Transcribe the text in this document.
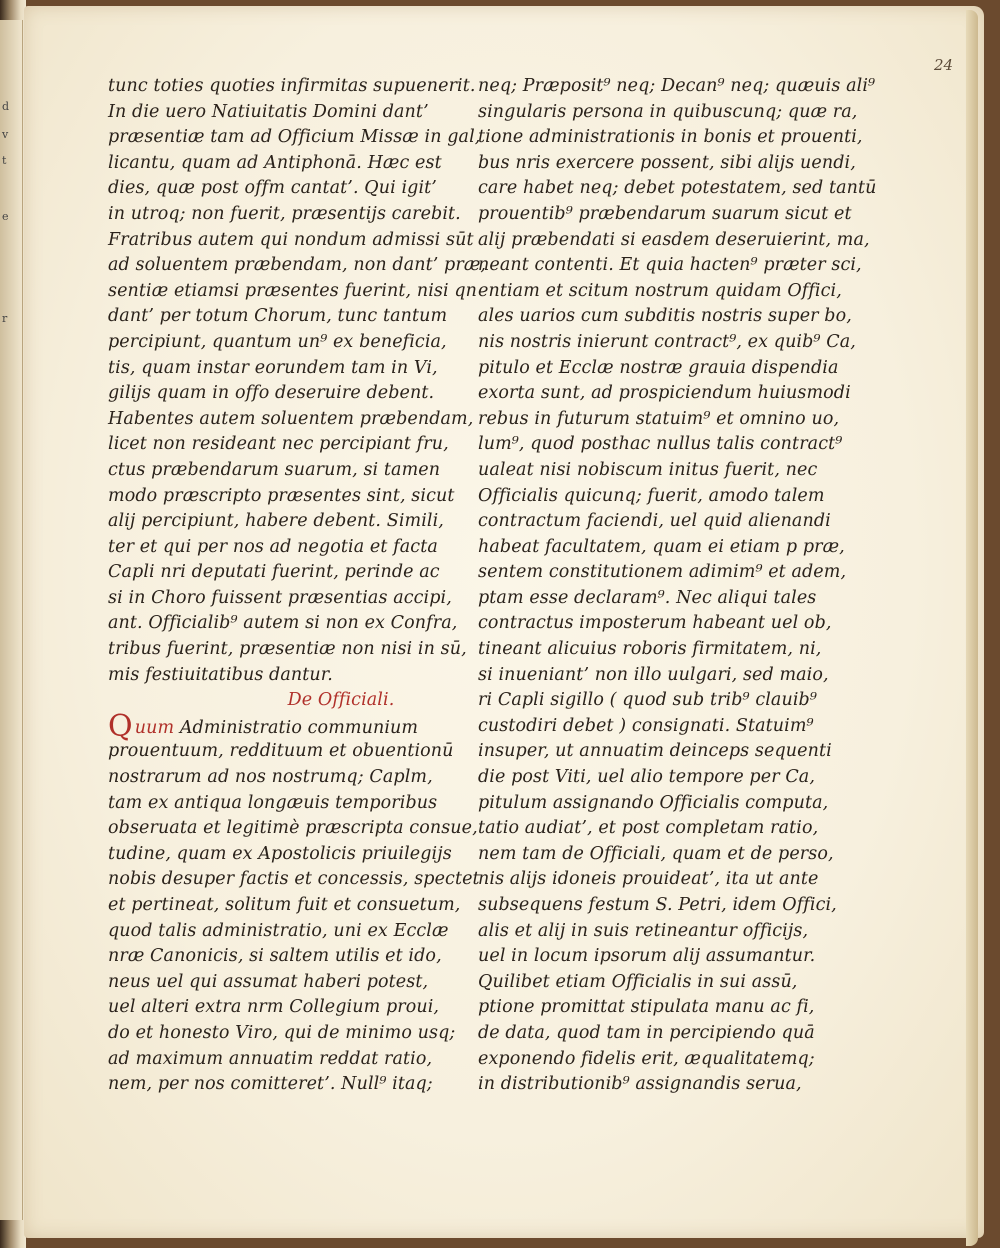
d
v
t
e
r
24
tunc toties quoties infirmitas supuenerit.
In die uero Natiuitatis Domini dant’
præsentiæ tam ad Officium Missæ in gal,
licantu, quam ad Antiphonā. Hæc est
dies, quæ post offm cantat’. Qui igit’
in utroq; non fuerit, præsentijs carebit.
Fratribus autem qui nondum admissi sūt
ad soluentem præbendam, non dant’ præ,
sentiæ etiamsi præsentes fuerint, nisi qn
dant’ per totum Chorum, tunc tantum
percipiunt, quantum un⁹ ex beneficia,
tis, quam instar eorundem tam in Vi,
gilijs quam in offo deseruire debent.
Habentes autem soluentem præbendam,
licet non resideant nec percipiant fru,
ctus præbendarum suarum, si tamen
modo præscripto præsentes sint, sicut
alij percipiunt, habere debent. Simili,
ter et qui per nos ad negotia et facta
Capli nri deputati fuerint, perinde ac
si in Choro fuissent præsentias accipi,
ant. Officialib⁹ autem si non ex Confra,
tribus fuerint, præsentiæ non nisi in sū,
mis festiuitatibus dantur.
De Officiali.
Quum Administratio communium
prouentuum, reddituum et obuentionū
nostrarum ad nos nostrumq; Caplm,
tam ex antiqua longæuis temporibus
obseruata et legitimè præscripta consue,
tudine, quam ex Apostolicis priuilegijs
nobis desuper factis et concessis, spectet
et pertineat, solitum fuit et consuetum,
quod talis administratio, uni ex Ecclæ
nræ Canonicis, si saltem utilis et ido,
neus uel qui assumat haberi potest,
uel alteri extra nrm Collegium proui,
do et honesto Viro, qui de minimo usq;
ad maximum annuatim reddat ratio,
nem, per nos comitteret’. Null⁹ itaq;
neq; Præposit⁹ neq; Decan⁹ neq; quæuis ali⁹
singularis persona in quibuscunq; quæ ra,
tione administrationis in bonis et prouenti,
bus nris exercere possent, sibi alijs uendi,
care habet neq; debet potestatem, sed tantū
prouentib⁹ præbendarum suarum sicut et
alij præbendati si easdem deseruierint, ma,
neant contenti. Et quia hacten⁹ præter sci,
entiam et scitum nostrum quidam Offici,
ales uarios cum subditis nostris super bo,
nis nostris inierunt contract⁹, ex quib⁹ Ca,
pitulo et Ecclæ nostræ grauia dispendia
exorta sunt, ad prospiciendum huiusmodi
rebus in futurum statuim⁹ et omnino uo,
lum⁹, quod posthac nullus talis contract⁹
ualeat nisi nobiscum initus fuerit, nec
Officialis quicunq; fuerit, amodo talem
contractum faciendi, uel quid alienandi
habeat facultatem, quam ei etiam p præ,
sentem constitutionem adimim⁹ et adem,
ptam esse declaram⁹. Nec aliqui tales
contractus imposterum habeant uel ob,
tineant alicuius roboris firmitatem, ni,
si inueniant’ non illo uulgari, sed maio,
ri Capli sigillo ( quod sub trib⁹ clauib⁹
custodiri debet ) consignati. Statuim⁹
insuper, ut annuatim deinceps sequenti
die post Viti, uel alio tempore per Ca,
pitulum assignando Officialis computa,
tatio audiat’, et post completam ratio,
nem tam de Officiali, quam et de perso,
nis alijs idoneis prouideat’, ita ut ante
subsequens festum S. Petri, idem Offici,
alis et alij in suis retineantur officijs,
uel in locum ipsorum alij assumantur.
Quilibet etiam Officialis in sui assū,
ptione promittat stipulata manu ac fi,
de data, quod tam in percipiendo quā
exponendo fidelis erit, æqualitatemq;
in distributionib⁹ assignandis serua,
